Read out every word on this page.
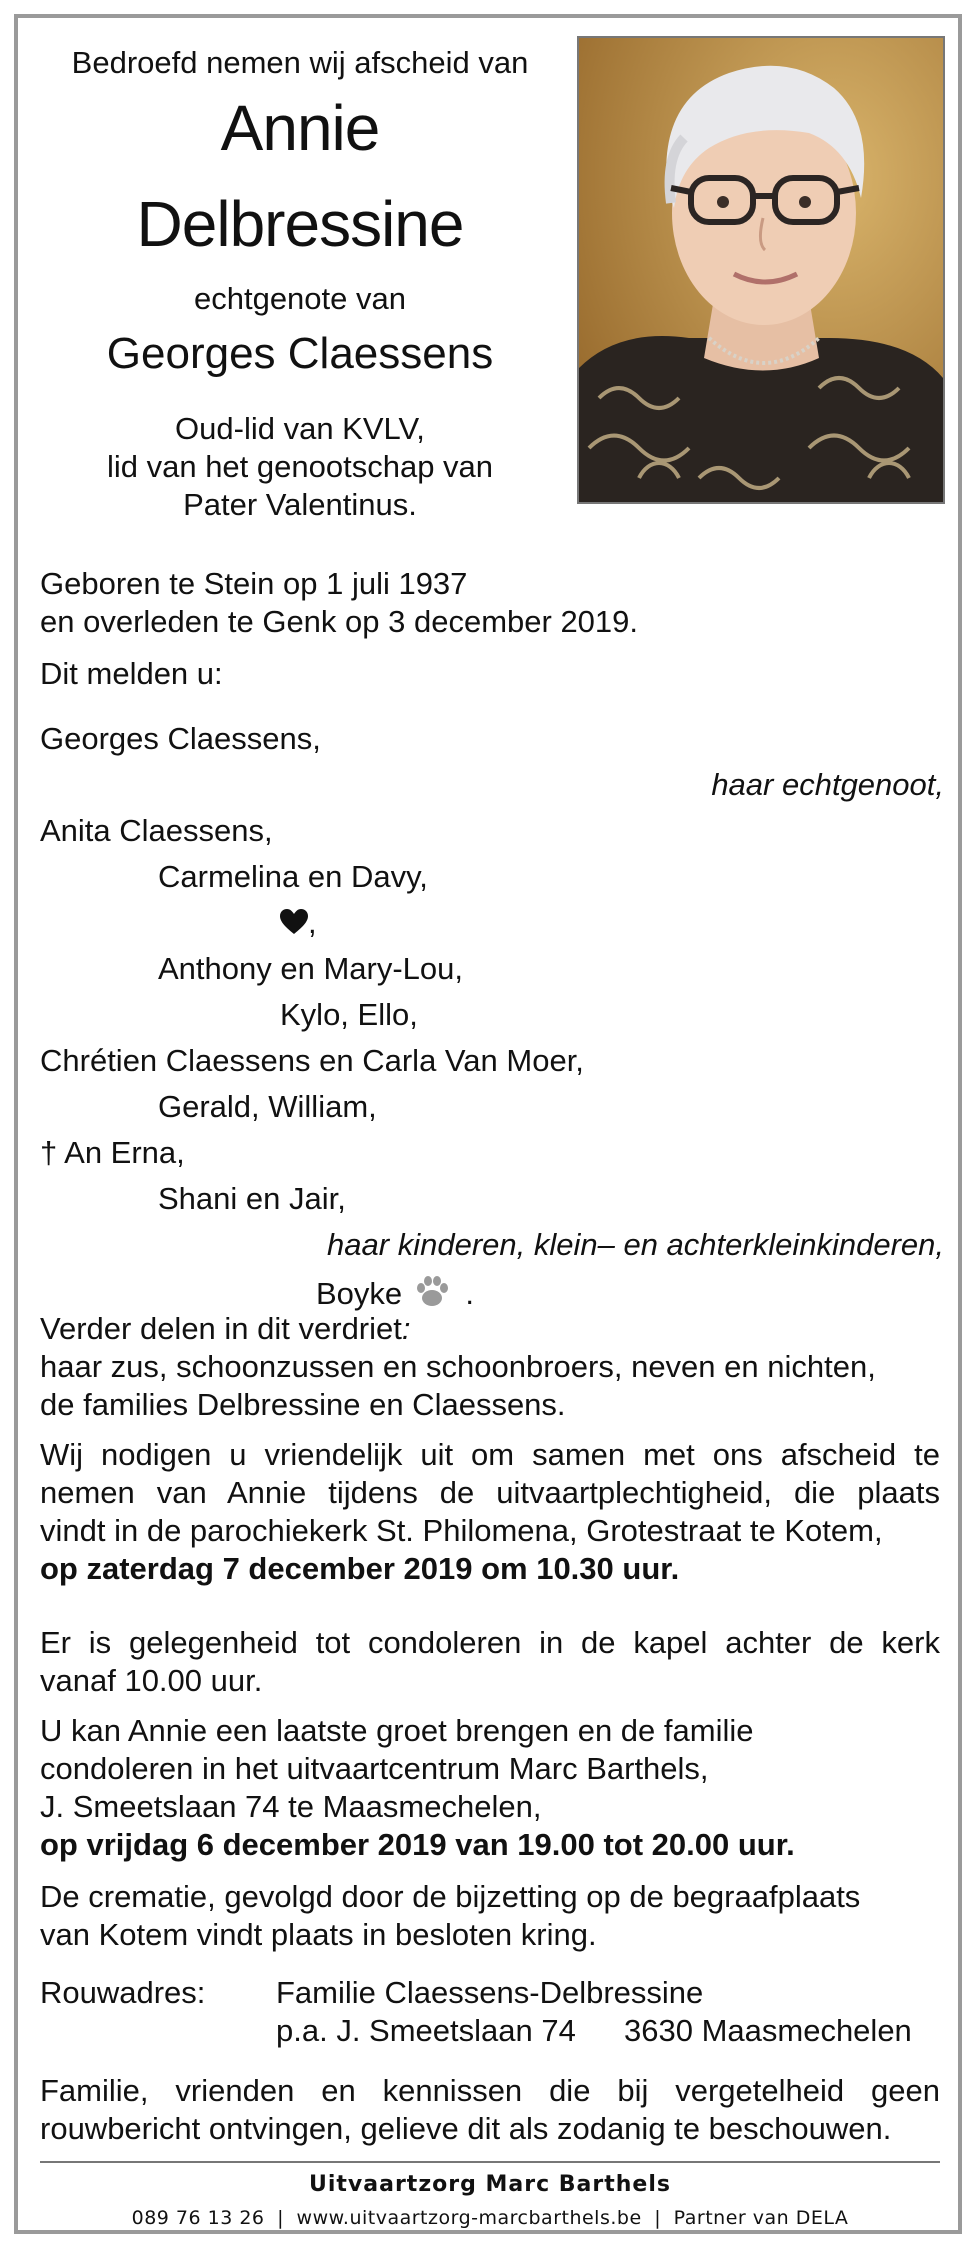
Bedroefd nemen wij afscheid van
Annie
Delbressine
echtgenote van
Georges Claessens
Oud-lid van KVLV,
lid van het genootschap van
Pater Valentinus.
Geboren te Stein op 1 juli 1937
en overleden te Genk op 3 december 2019.
Dit melden u:
Georges Claessens,
haar echtgenoot,
Anita Claessens,
Carmelina en Davy,
,
Anthony en Mary-Lou,
Kylo, Ello,
Chrétien Claessens en Carla Van Moer,
Gerald, William,
† An Erna,
Shani en Jair,
haar kinderen, klein– en achterkleinkinderen,
Boyke .
Verder delen in dit verdriet:
haar zus, schoonzussen en schoonbroers, neven en nichten,
de families Delbressine en Claessens.
Wij nodigen u vriendelijk uit om samen met ons afscheid te
nemen van Annie tijdens de uitvaartplechtigheid, die plaats
vindt in de parochiekerk St. Philomena, Grotestraat te Kotem,
op zaterdag 7 december 2019 om 10.30 uur.
Er is gelegenheid tot condoleren in de kapel achter de kerk
vanaf 10.00 uur.
U kan Annie een laatste groet brengen en de familie
condoleren in het uitvaartcentrum Marc Barthels,
J. Smeetslaan 74 te Maasmechelen,
op vrijdag 6 december 2019 van 19.00 tot 20.00 uur.
De crematie, gevolgd door de bijzetting op de begraafplaats
van Kotem vindt plaats in besloten kring.
Rouwadres: Familie Claessens-Delbressine
p.a. J. Smeetslaan 74 3630 Maasmechelen
Familie, vrienden en kennissen die bij vergetelheid geen
rouwbericht ontvingen, gelieve dit als zodanig te beschouwen.
Uitvaartzorg Marc Barthels
089 76 13 26 | www.uitvaartzorg-marcbarthels.be | Partner van DELA
